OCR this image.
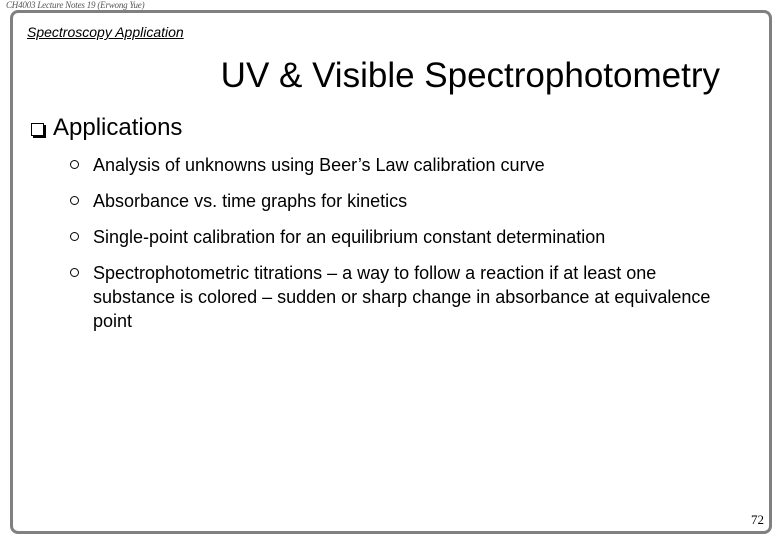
CH4003 Lecture Notes 19 (Erwong Yue)
Spectroscopy Application
UV & Visible Spectrophotometry
Applications
Analysis of unknowns using Beer’s Law calibration curve
Absorbance vs. time graphs for kinetics
Single-point calibration for an equilibrium constant determination
Spectrophotometric titrations – a way to follow a reaction if at least one substance is colored – sudden or sharp change in absorbance at equivalence point
72
